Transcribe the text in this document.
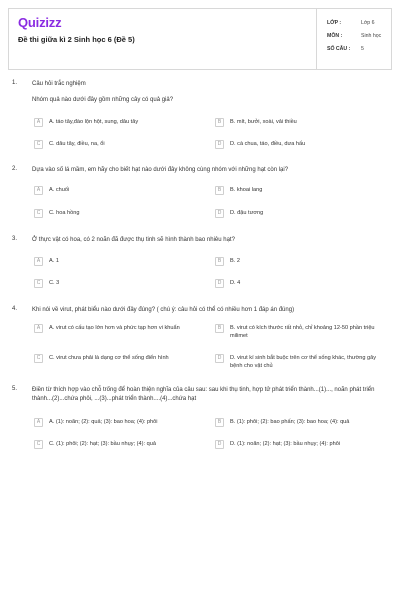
Quizizz
Đề thi giữa kì 2 Sinh học 6 (Đề 5)
LỚP :	Lớp 6
MÔN :	Sinh học
SỐ CÂU :	5
1. Câu hỏi trắc nghiệm
Nhóm quả nào dưới đây gồm những cây có quả giả?
A	A. táo tây,đào lộn hột, sung, dâu tây	B	B. mít, bưởi, xoài, vải thiều
C	C. dâu tây, điều, na, ổi	D	D. cà chua, táo, điều, dưa hấu
2. Dựa vào số lá mầm, em hãy cho biết hạt nào dưới đây không cùng nhóm với những hạt còn lại?
A	A. chuối	B	B. khoai lang
C	C. hoa hồng	D	D. đậu tương
3. Ở thực vật có hoa, có 2 noãn đã được thụ tinh sẽ hình thành bao nhiêu hạt?
A	A. 1	B	B. 2
C	C. 3	D	D. 4
4. Khi nói về virut, phát biểu nào dưới đây đúng? ( chú ý: câu hỏi có thể có nhiều hơn 1 đáp án đúng)
A	A. virut có cấu tạo lớn hơn và phức tạp hơn vi khuẩn	B	B. virut có kích thước rất nhỏ, chỉ khoảng 12-50 phần triệu milimet
C	C. virut chưa phải là dạng cơ thể sống điển hình	D	D. virut kí sinh bắt buộc trên cơ thể sống khác, thường gây bệnh cho vật chủ
5. Điền từ thích hợp vào chỗ trống để hoàn thiện nghĩa của câu sau: sau khi thụ tinh, hợp tử phát triển thành...(1)..., noãn phát triển thành...(2)...chứa phôi, ...(3)...phát triển thành....(4)...chứa hạt
A	A. (1): noãn; (2): quả; (3): bao hoa; (4): phôi	B	B. (1): phôi; (2): bao phấn; (3): bao hoa; (4): quả
C	C. (1): phôi; (2): hạt; (3): bầu nhụy; (4): quả	D	D. (1): noãn; (2): hạt; (3): bầu nhụy; (4): phôi
